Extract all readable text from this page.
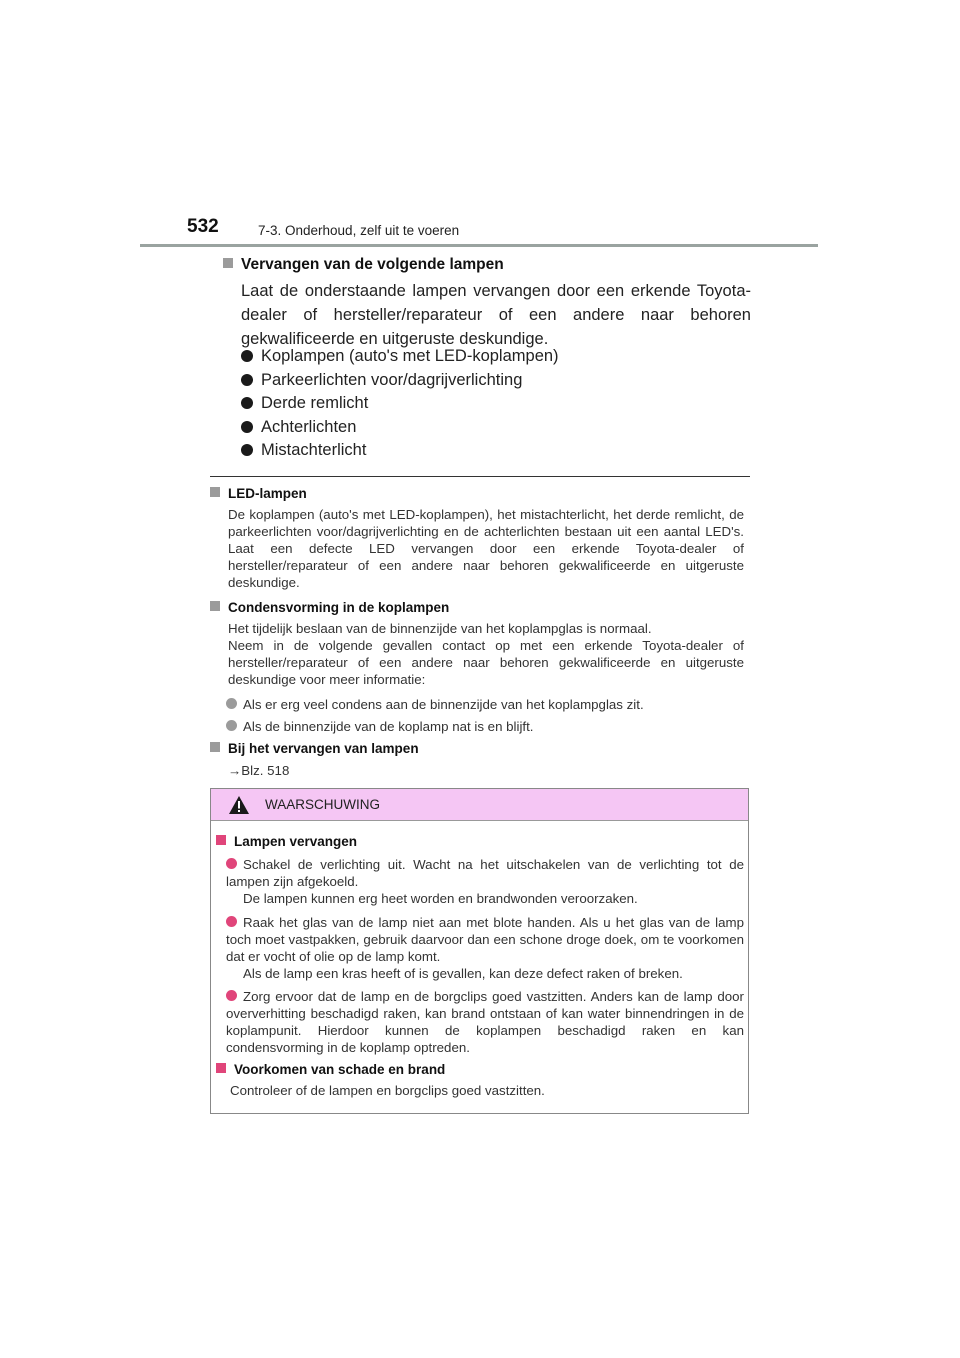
532	7-3. Onderhoud, zelf uit te voeren
Vervangen van de volgende lampen
Laat de onderstaande lampen vervangen door een erkende Toyota-dealer of hersteller/reparateur of een andere naar behoren gekwalificeerde en uitgeruste deskundige.
Koplampen (auto's met LED-koplampen)
Parkeerlichten voor/dagrijverlichting
Derde remlicht
Achterlichten
Mistachterlicht
LED-lampen
De koplampen (auto's met LED-koplampen), het mistachterlicht, het derde remlicht, de parkeerlichten voor/dagrijverlichting en de achterlichten bestaan uit een aantal LED's. Laat een defecte LED vervangen door een erkende Toyota-dealer of hersteller/reparateur of een andere naar behoren gekwalificeerde en uitgeruste deskundige.
Condensvorming in de koplampen
Het tijdelijk beslaan van de binnenzijde van het koplampglas is normaal.
Neem in de volgende gevallen contact op met een erkende Toyota-dealer of hersteller/reparateur of een andere naar behoren gekwalificeerde en uitgeruste deskundige voor meer informatie:
Als er erg veel condens aan de binnenzijde van het koplampglas zit.
Als de binnenzijde van de koplamp nat is en blijft.
Bij het vervangen van lampen
→Blz. 518
WAARSCHUWING
Lampen vervangen
Schakel de verlichting uit. Wacht na het uitschakelen van de verlichting tot de lampen zijn afgekoeld.
De lampen kunnen erg heet worden en brandwonden veroorzaken.
Raak het glas van de lamp niet aan met blote handen. Als u het glas van de lamp toch moet vastpakken, gebruik daarvoor dan een schone droge doek, om te voorkomen dat er vocht of olie op de lamp komt.
Als de lamp een kras heeft of is gevallen, kan deze defect raken of breken.
Zorg ervoor dat de lamp en de borgclips goed vastzitten. Anders kan de lamp door oververhitting beschadigd raken, kan brand ontstaan of kan water binnendringen in de koplampunit. Hierdoor kunnen de koplampen beschadigd raken en kan condensvorming in de koplamp optreden.
Voorkomen van schade en brand
Controleer of de lampen en borgclips goed vastzitten.
